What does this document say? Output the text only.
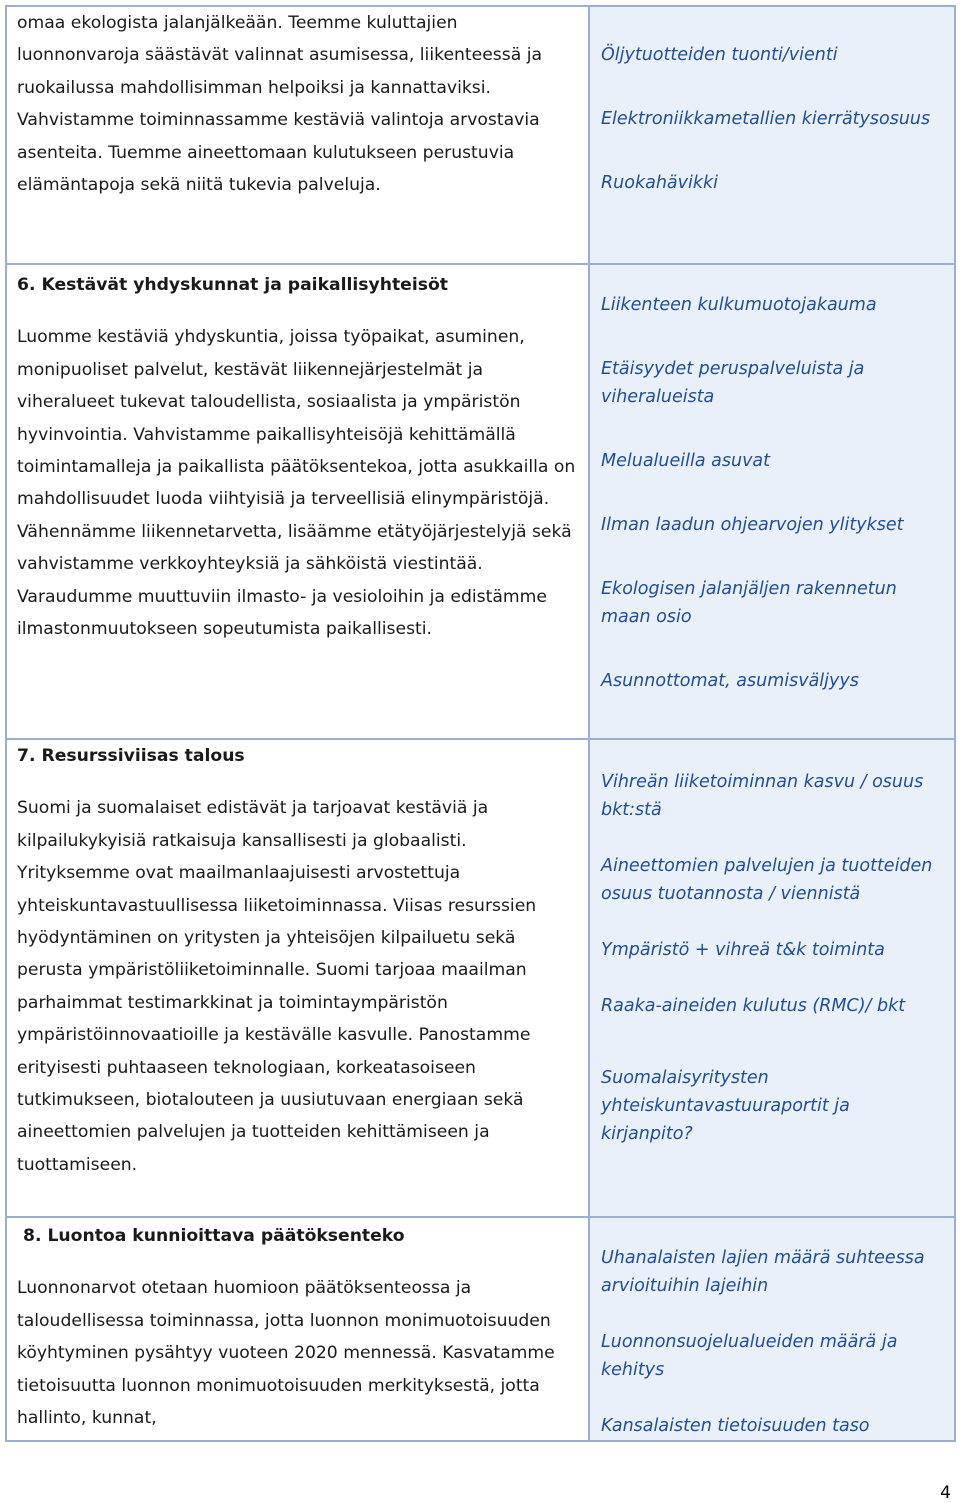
omaa ekologista jalanjälkeään. Teemme kuluttajien luonnonvaroja säästävät valinnat asumisessa, liikenteessä ja ruokailussa mahdollisimman helpoiksi ja kannattaviksi. Vahvistamme toiminnassamme kestäviä valintoja arvostavia asenteita. Tuemme aineettomaan kulutukseen perustuvia elämäntapoja sekä niitä tukevia palveluja.

Öljytuotteiden tuonti/vienti

Elektroniikkametallien kierrätysosuus

Ruokahävikki

6. Kestävät yhdyskunnat ja paikallisyhteisöt

Luomme kestäviä yhdyskuntia, joissa työpaikat, asuminen, monipuoliset palvelut, kestävät liikennejärjestelmät ja viheralueet tukevat taloudellista, sosiaalista ja ympäristön hyvinvointia. Vahvistamme paikallisyhteisöjä kehittämällä toimintamalleja ja paikallista päätöksentekoa, jotta asukkailla on mahdollisuudet luoda viihtyisiä ja terveellisiä elinympäristöjä. Vähennämme liikennetarvetta, lisäämme etätyöjärjestelyjä sekä vahvistamme verkkoyhteyksiä ja sähköistä viestintää. Varaudumme muuttuviin ilmasto- ja vesioloihin ja edistämme ilmastonmuutokseen sopeutumista paikallisesti.

Liikenteen kulkumuotojakauma

Etäisyydet peruspalveluista ja viheralueista

Melualueilla asuvat

Ilman laadun ohjearvojen ylitykset

Ekologisen jalanjäljen rakennetun maan osio

Asunnottomat, asumisväljyys

7. Resurssiviisas talous

Suomi ja suomalaiset edistävät ja tarjoavat kestäviä ja kilpailukykyisiä ratkaisuja kansallisesti ja globaalisti. Yrityksemme ovat maailmanlaajuisesti arvostettuja yhteiskuntavastuullisessa liiketoiminnassa. Viisas resurssien hyödyntäminen on yritysten ja yhteisöjen kilpailuetu sekä perusta ympäristöliiketoiminnalle. Suomi tarjoaa maailman parhaimmat testimarkkinat ja toimintaympäristön ympäristöinnovaatioille ja kestävälle kasvulle. Panostamme erityisesti puhtaaseen teknologiaan, korkeatasoiseen tutkimukseen, biotalouteen ja uusiutuvaan energiaan sekä aineettomien palvelujen ja tuotteiden kehittämiseen ja tuottamiseen.

Vihreän liiketoiminnan kasvu / osuus bkt:stä

Aineettomien palvelujen ja tuotteiden osuus tuotannosta / viennistä

Ympäristö + vihreä t&k toiminta

Raaka-aineiden kulutus (RMC)/ bkt

Suomalaisyritysten yhteiskuntavastuuraportit ja kirjanpito?

8. Luontoa kunnioittava päätöksenteko

Luonnonarvot otetaan huomioon päätöksenteossa ja taloudellisessa toiminnassa, jotta luonnon monimuotoisuuden köyhtyminen pysähtyy vuoteen 2020 mennessä. Kasvatamme tietoisuutta luonnon monimuotoisuuden merkityksestä, jotta hallinto, kunnat,

Uhanalaisten lajien määrä suhteessa arvioituihin lajeihin

Luonnonsuojelualueiden määrä ja kehitys

Kansalaisten tietoisuuden taso

4
